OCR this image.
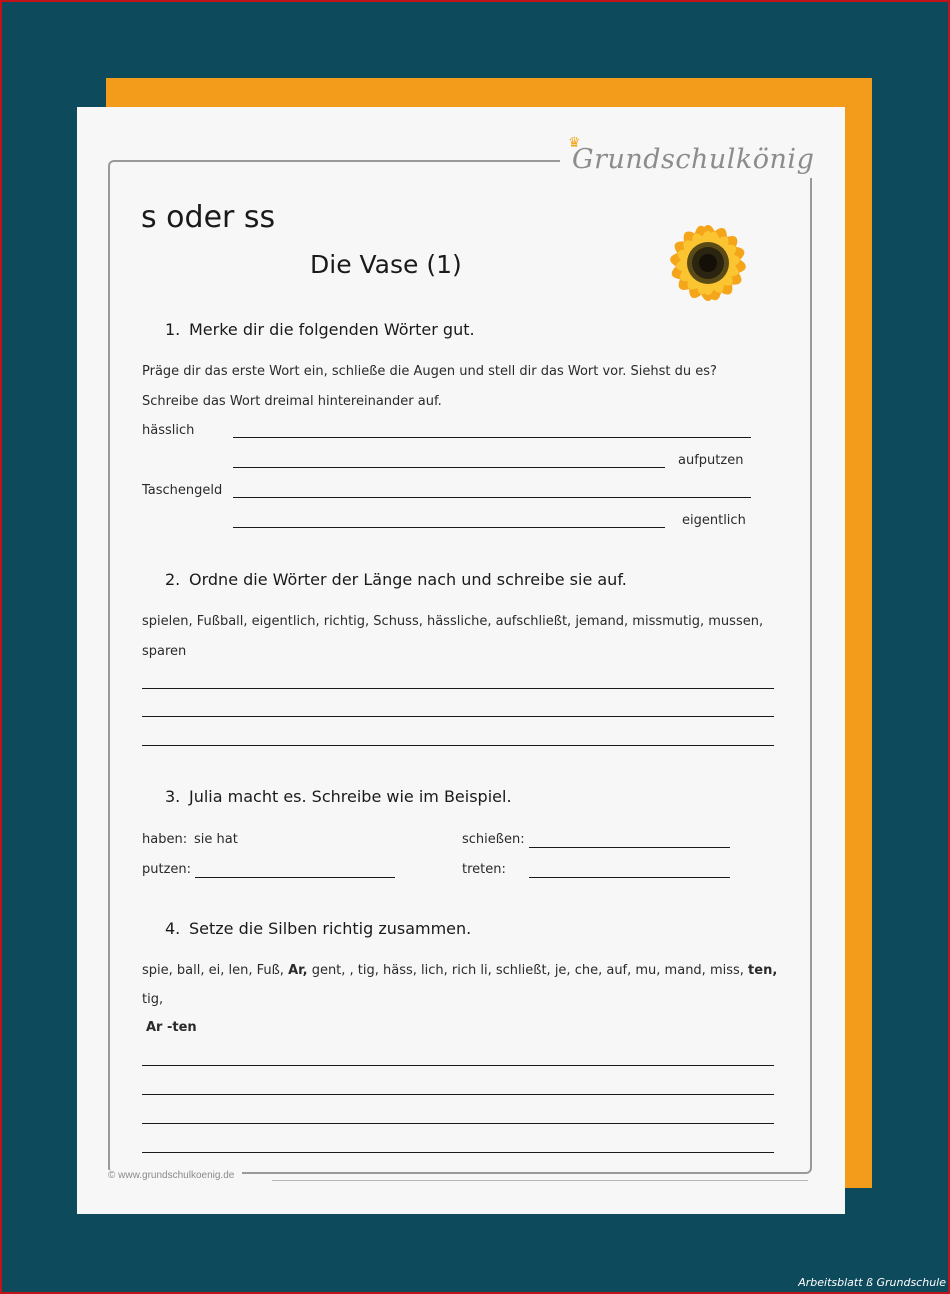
♛
Grundschulkönig
s oder ss
Die Vase (1)
1. Merke dir die folgenden Wörter gut.
Präge dir das erste Wort ein, schließe die Augen und stell dir das Wort vor. Siehst du es?
Schreibe das Wort dreimal hintereinander auf.
hässlich
aufputzen
Taschengeld
eigentlich
2. Ordne die Wörter der Länge nach und schreibe sie auf.
spielen, Fußball, eigentlich, richtig, Schuss, hässliche, aufschließt, jemand, missmutig, mussen,
sparen
3. Julia macht es. Schreibe wie im Beispiel.
haben: sie hat	schießen:
putzen:	treten:
4. Setze die Silben richtig zusammen.
spie, ball, ei, len, Fuß, Ar, gent, , tig, häss, lich, rich li, schließt, je, che, auf, mu, mand, miss, ten,
tig,
Ar -ten
© www.grundschulkoenig.de
Arbeitsblatt ß Grundschule
